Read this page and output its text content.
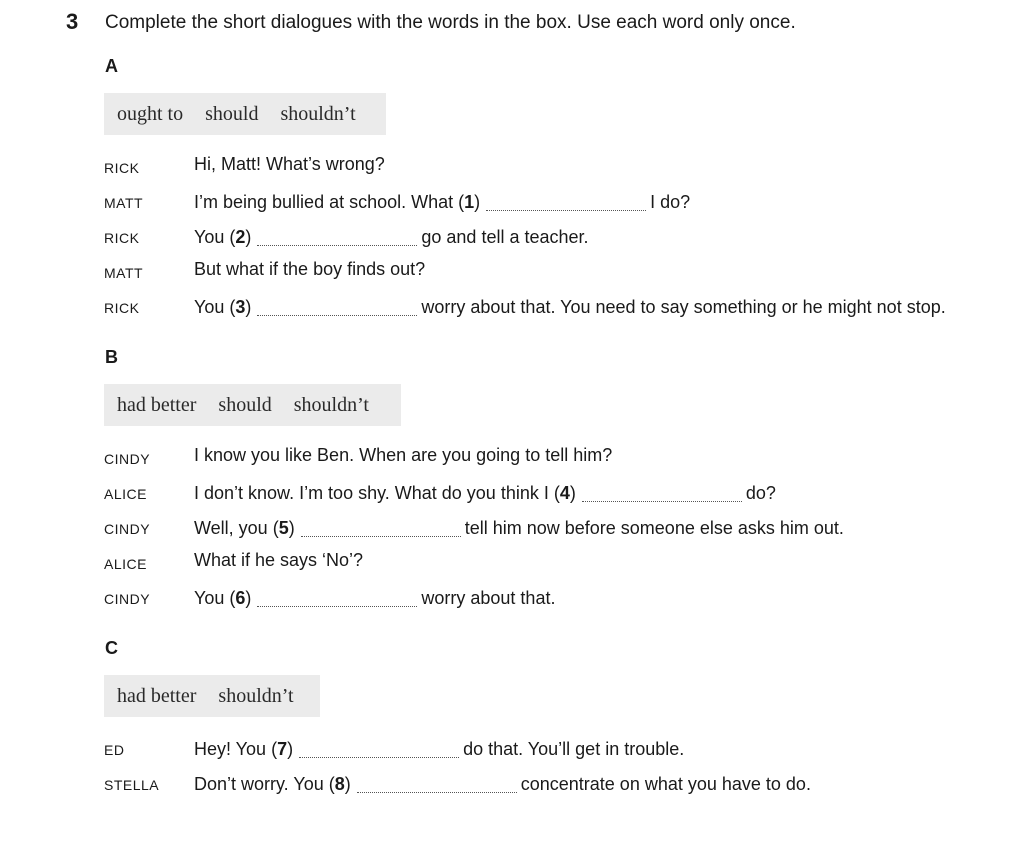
3 Complete the short dialogues with the words in the box. Use each word only once.
A
ought to should shouldn’t
RICK	Hi, Matt! What’s wrong?
MATT	I’m being bullied at school. What ( 1 )	I do?
RICK	You ( 2 )	go and tell a teacher.
MATT	But what if the boy finds out?
RICK	You ( 3 )	worry about that. You need to say something or he might not stop.
B
had better should shouldn’t
CINDY I know you like Ben. When are you going to tell him?
ALICE	I don’t know. I’m too shy. What do you think I ( 4 )	do?
CINDY Well, you ( 5 )	tell him now before someone else asks him out.
ALICE	What if he says ‘No’?
CINDY You ( 6 )	worry about that.
C
had better shouldn’t
ED	Hey! You ( 7 )	do that. You’ll get in trouble.
STELLA Don’t worry. You ( 8 )	concentrate on what you have to do.
